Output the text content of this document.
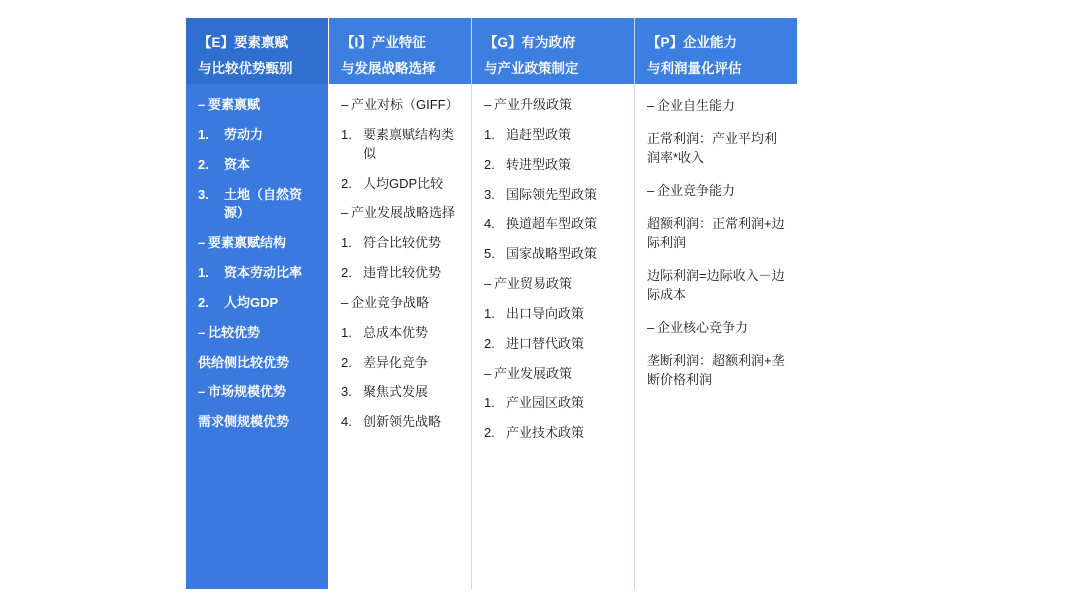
【E】要素禀赋
与比较优势甄别
– 要素禀赋
1.	劳动力
2.	资本
3.	土地（自然资源）
– 要素禀赋结构
1.	资本劳动比率
2.	人均GDP
– 比较优势
供给侧比较优势
– 市场规模优势
需求侧规模优势
【I】产业特征
与发展战略选择
– 产业对标（GIFF）
1. 要素禀赋结构类似
2. 人均GDP比较
– 产业发展战略选择
1. 符合比较优势
2. 违背比较优势
– 企业竞争战略
1. 总成本优势
2. 差异化竞争
3. 聚焦式发展
4. 创新领先战略
【G】有为政府
与产业政策制定
– 产业升级政策
1. 追赶型政策
2. 转进型政策
3. 国际领先型政策
4. 换道超车型政策
5. 国家战略型政策
– 产业贸易政策
1. 出口导向政策
2. 进口替代政策
– 产业发展政策
1. 产业园区政策
2. 产业技术政策
【P】企业能力
与利润量化评估
– 企业自生能力
正常利润：产业平均利润率*收入
– 企业竞争能力
超额利润：正常利润+边际利润
边际利润=边际收入－边际成本
– 企业核心竞争力
垄断利润：超额利润+垄断价格利润
